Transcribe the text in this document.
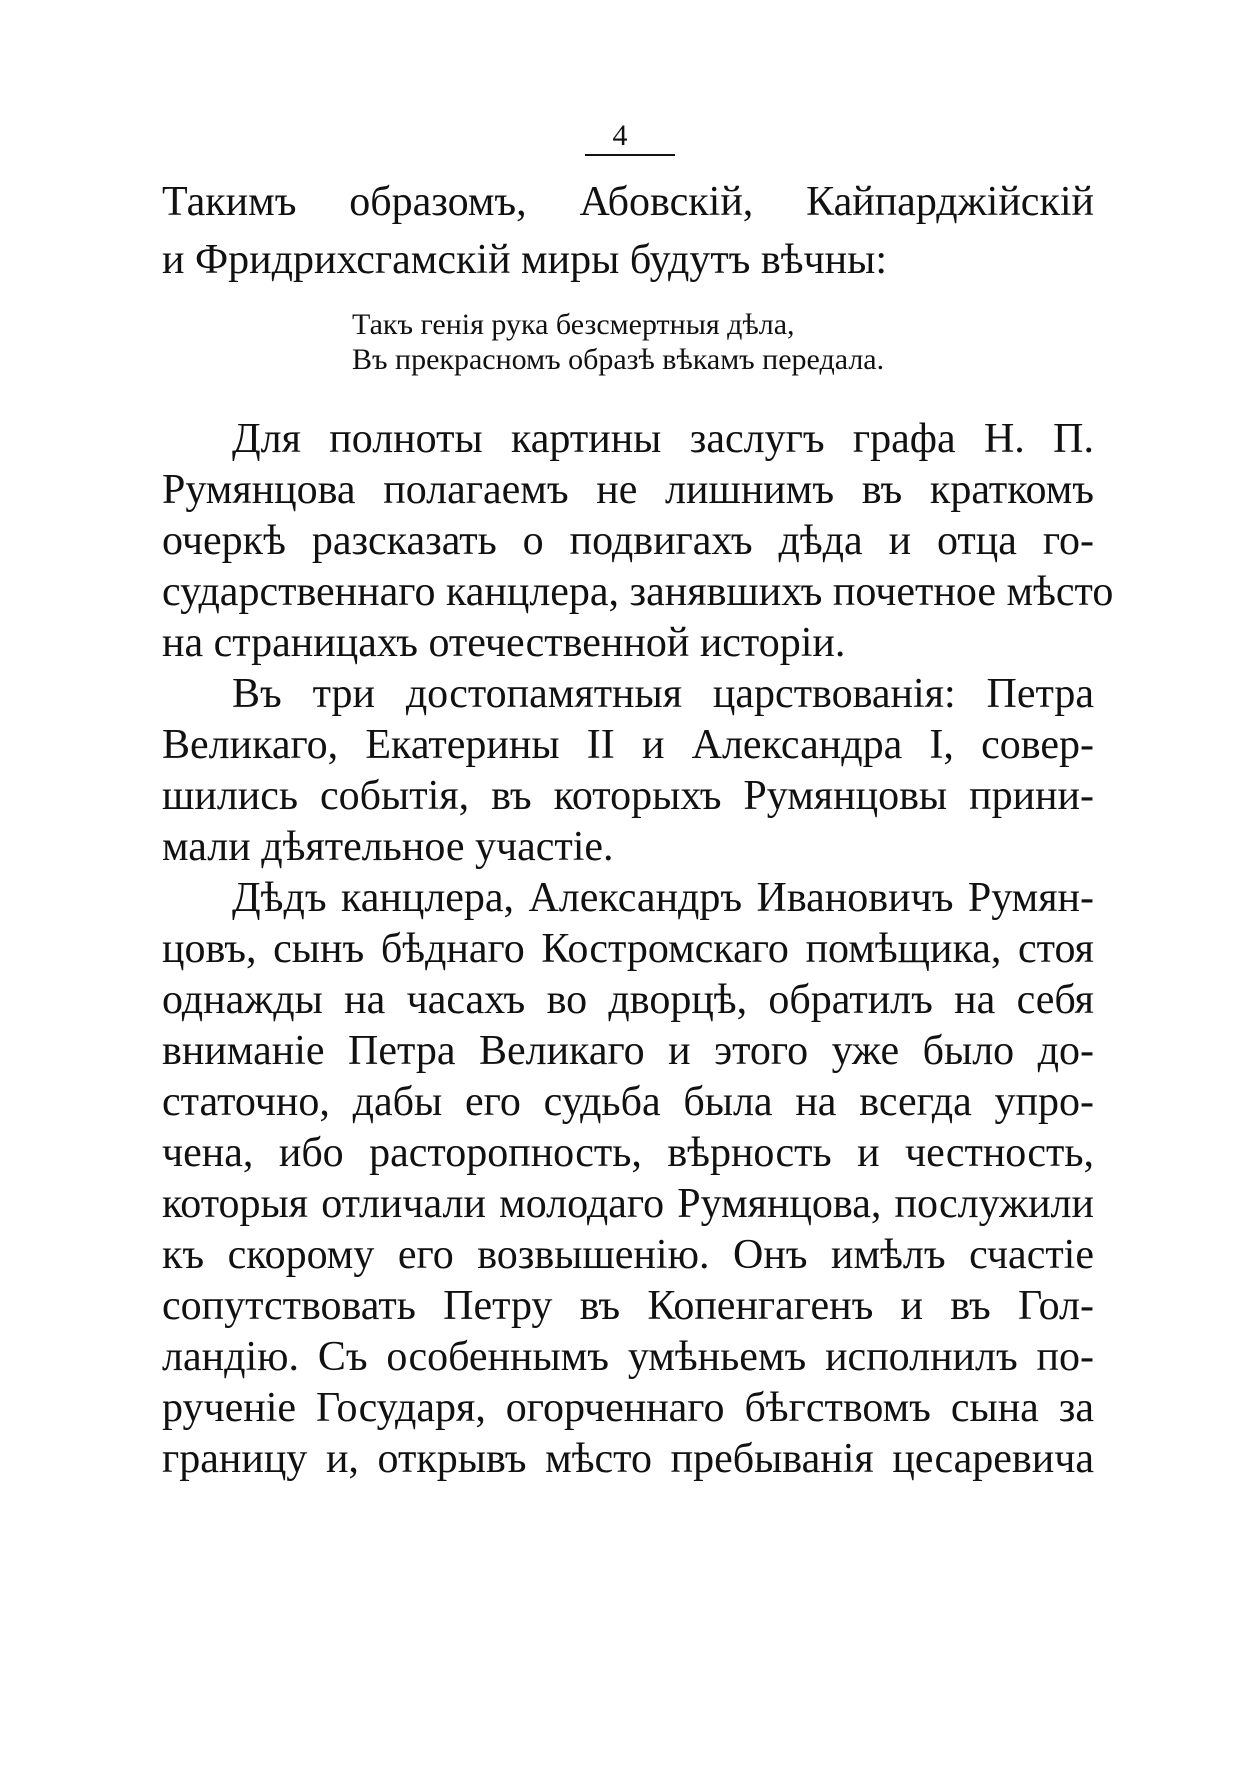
4
Такимъ образомъ, Абовскій, Кайпарджійскій
и Фридрихсгамскій миры будутъ вѣчны:
Такъ генія рука безсмертныя дѣла,
Въ прекрасномъ образѣ вѣкамъ передала.
Для полноты картины заслугъ графа Н. П.
Румянцова полагаемъ не лишнимъ въ краткомъ
очеркѣ разсказать о подвигахъ дѣда и отца го-
сударственнаго канцлера, занявшихъ почетное мѣсто
на страницахъ отечественной исторіи.
Въ три достопамятныя царствованія: Петра
Великаго, Екатерины II и Александра I, совер-
шились событія, въ которыхъ Румянцовы прини-
мали дѣятельное участіе.
Дѣдъ канцлера, Александръ Ивановичъ Румян-
цовъ, сынъ бѣднаго Костромскаго помѣщика, стоя
однажды на часахъ во дворцѣ, обратилъ на себя
вниманіе Петра Великаго и этого уже было до-
статочно, дабы его судьба была на всегда упро-
чена, ибо расторопность, вѣрность и честность,
которыя отличали молодаго Румянцова, послужили
къ скорому его возвышенію. Онъ имѣлъ счастіе
сопутствовать Петру въ Копенгагенъ и въ Гол-
ландію. Съ особеннымъ умѣньемъ исполнилъ по-
рученіе Государя, огорченнаго бѣгствомъ сына за
границу и, открывъ мѣсто пребыванія цесаревича
